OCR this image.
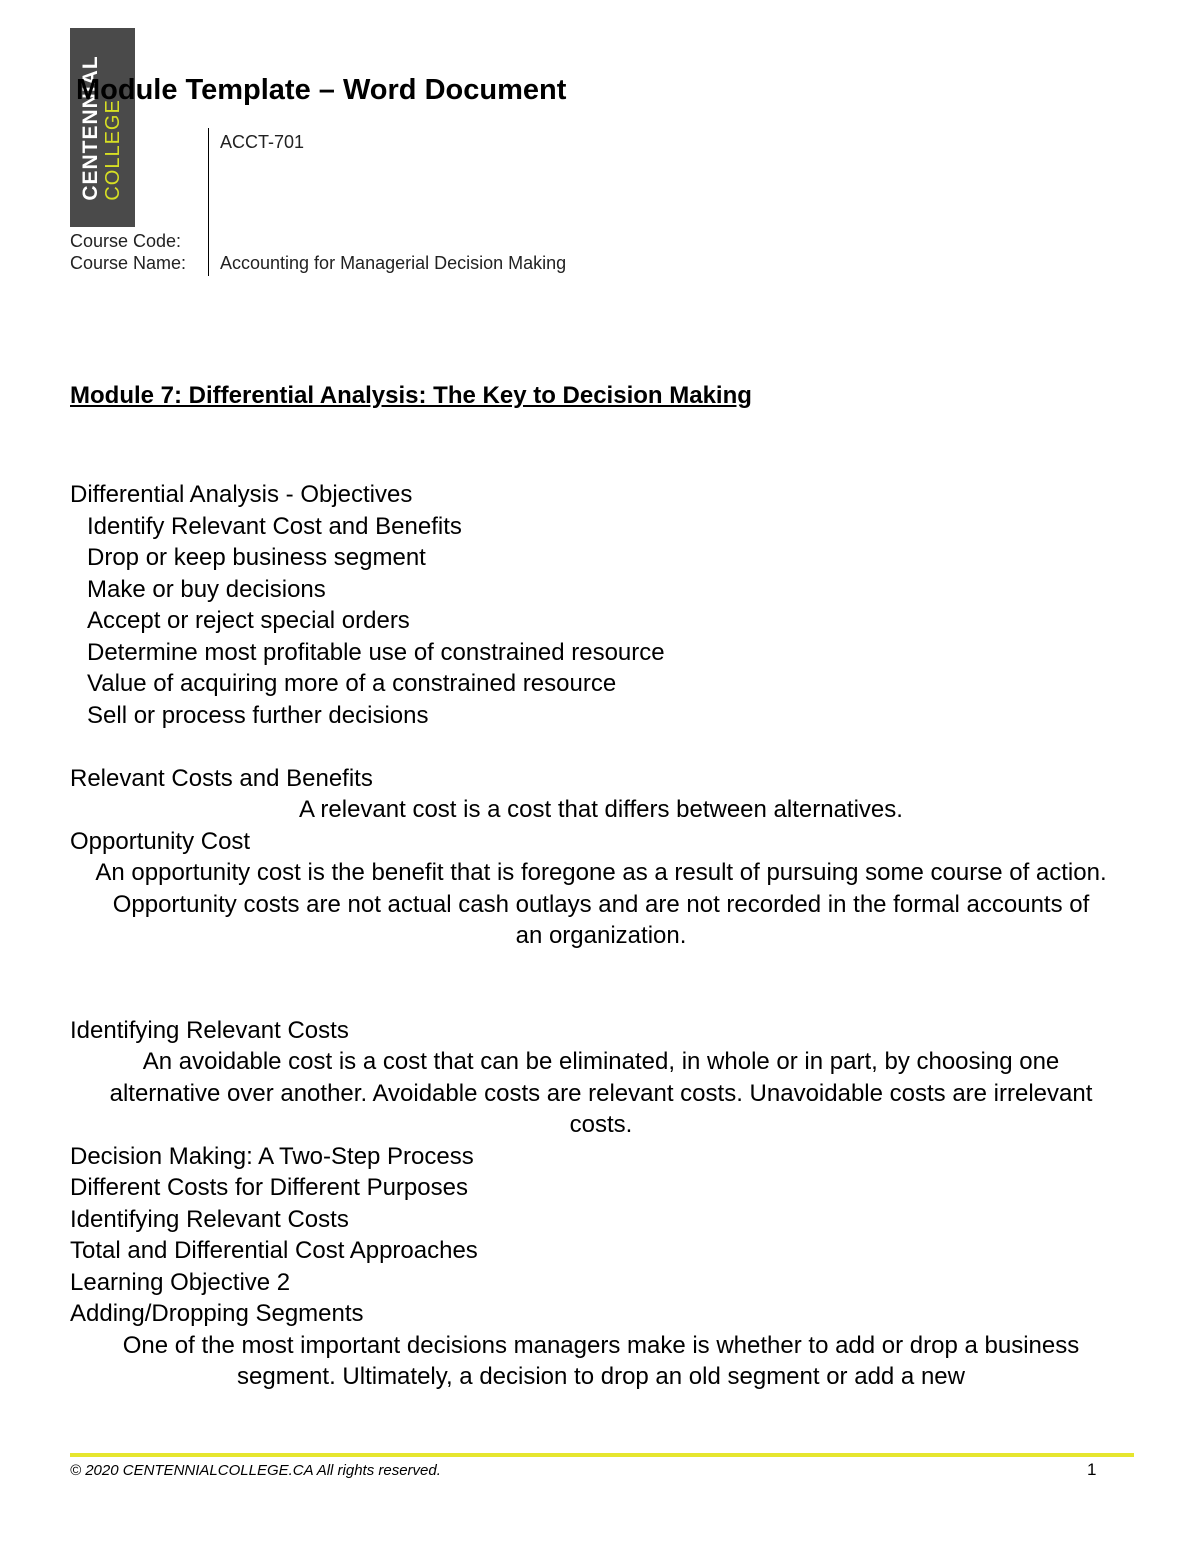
CENTENNIAL COLLEGE
Module Template – Word Document
ACCT-701
Course Code:
Course Name: Accounting for Managerial Decision Making
Module 7: Differential Analysis: The Key to Decision Making

Differential Analysis - Objectives

Identify Relevant Cost and Benefits

Drop or keep business segment

Make or buy decisions

Accept or reject special orders

Determine most profitable use of constrained resource

Value of acquiring more of a constrained resource

Sell or process further decisions

Relevant Costs and Benefits

A relevant cost is a cost that differs between alternatives.

Opportunity Cost

An opportunity cost is the benefit that is foregone as a result of pursuing some course of action.

Opportunity costs are not actual cash outlays and are not recorded in the formal accounts of an organization.

Identifying Relevant Costs

An avoidable cost is a cost that can be eliminated, in whole or in part, by choosing one alternative over another. Avoidable costs are relevant costs. Unavoidable costs are irrelevant costs.

Decision Making: A Two-Step Process

Different Costs for Different Purposes

Identifying Relevant Costs

Total and Differential Cost Approaches

Learning Objective 2

Adding/Dropping Segments

One of the most important decisions managers make is whether to add or drop a business segment. Ultimately, a decision to drop an old segment or add a new

© 2020 CENTENNIALCOLLEGE.CA All rights reserved.	1
